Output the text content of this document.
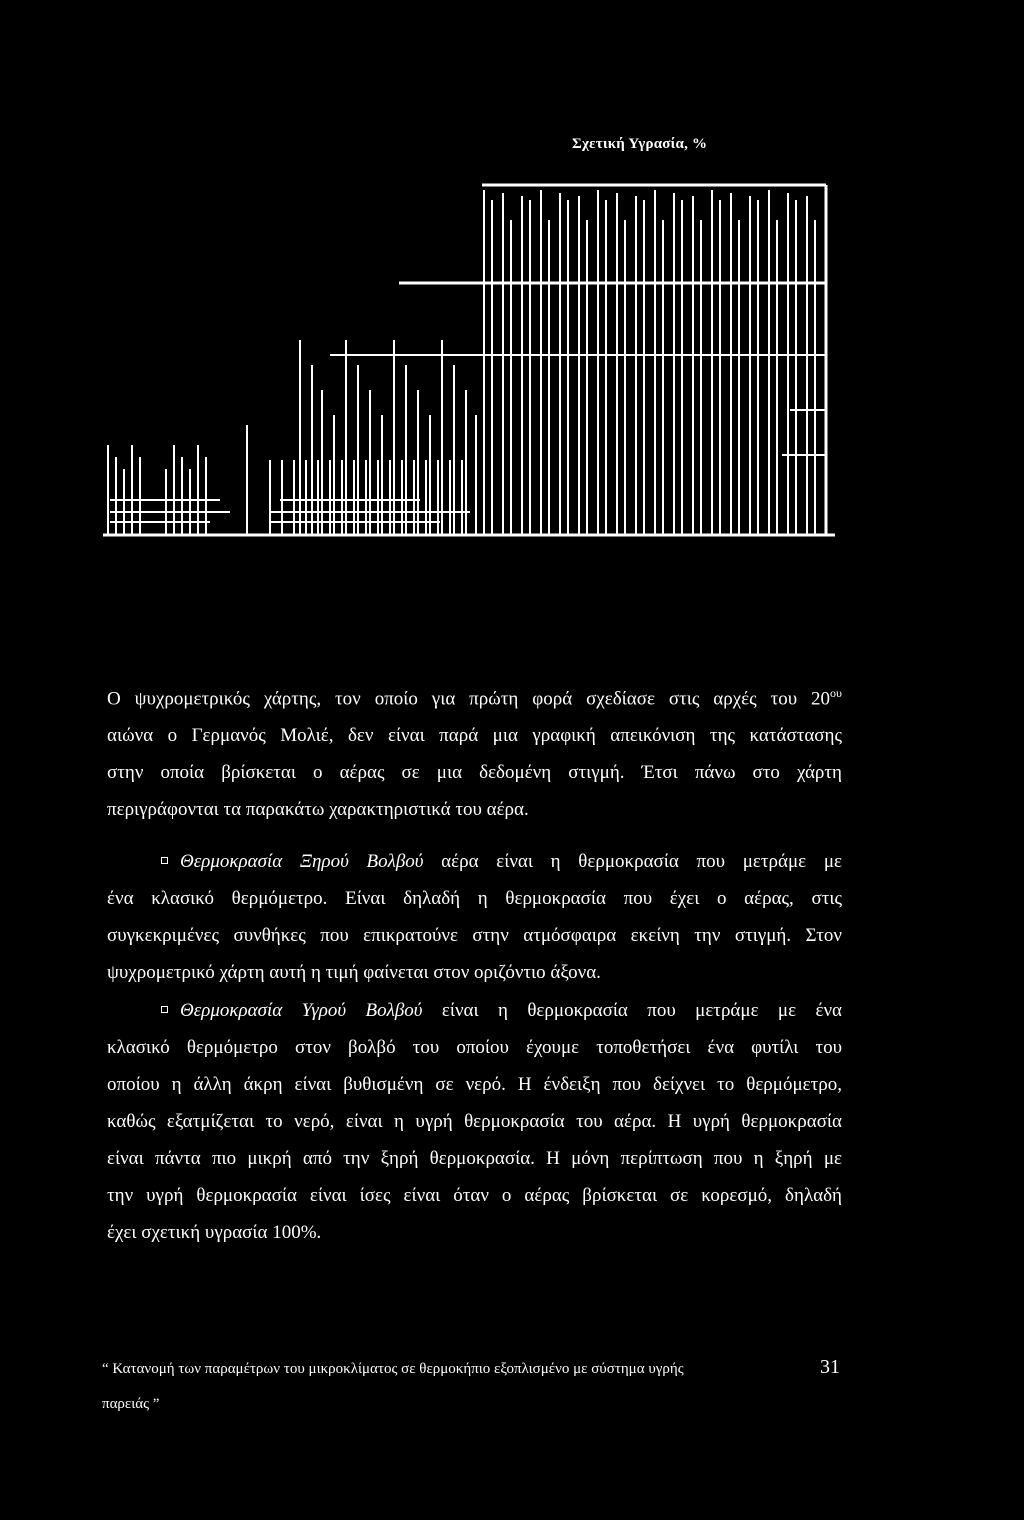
Σχετική Υγρασία, %
Ο ψυχρομετρικός χάρτης, τον οποίο για πρώτη φορά σχεδίασε στις αρχές του $20^{o\upsilon}$
αιώνα ο Γερμανός Μολιέ, δεν είναι παρά μια γραφική απεικόνιση της κατάστασης
στην οποία βρίσκεται ο αέρας σε μια δεδομένη στιγμή. Έτσι πάνω στο χάρτη
περιγράφονται τα παρακάτω χαρακτηριστικά του αέρα.
Θερμοκρασία Ξηρού Βολβού αέρα είναι η θερμοκρασία που μετράμε με
ένα κλασικό θερμόμετρο. Είναι δηλαδή η θερμοκρασία που έχει ο αέρας, στις
συγκεκριμένες συνθήκες που επικρατούνε στην ατμόσφαιρα εκείνη την στιγμή. Στον
ψυχρομετρικό χάρτη αυτή η τιμή φαίνεται στον οριζόντιο άξονα.
Θερμοκρασία Υγρού Βολβού είναι η θερμοκρασία που μετράμε με ένα
κλασικό θερμόμετρο στον βολβό του οποίου έχουμε τοποθετήσει ένα φυτίλι του
οποίου η άλλη άκρη είναι βυθισμένη σε νερό. Η ένδειξη που δείχνει το θερμόμετρο,
καθώς εξατμίζεται το νερό, είναι η υγρή θερμοκρασία του αέρα. Η υγρή θερμοκρασία
είναι πάντα πιο μικρή από την ξηρή θερμοκρασία. Η μόνη περίπτωση που η ξηρή με
την υγρή θερμοκρασία είναι ίσες είναι όταν ο αέρας βρίσκεται σε κορεσμό, δηλαδή
έχει σχετική υγρασία 100%.
“ Κατανομή των παραμέτρων του μικροκλίματος σε θερμοκήπιο εξοπλισμένο με σύστημα υγρής
παρειάς ”
31
